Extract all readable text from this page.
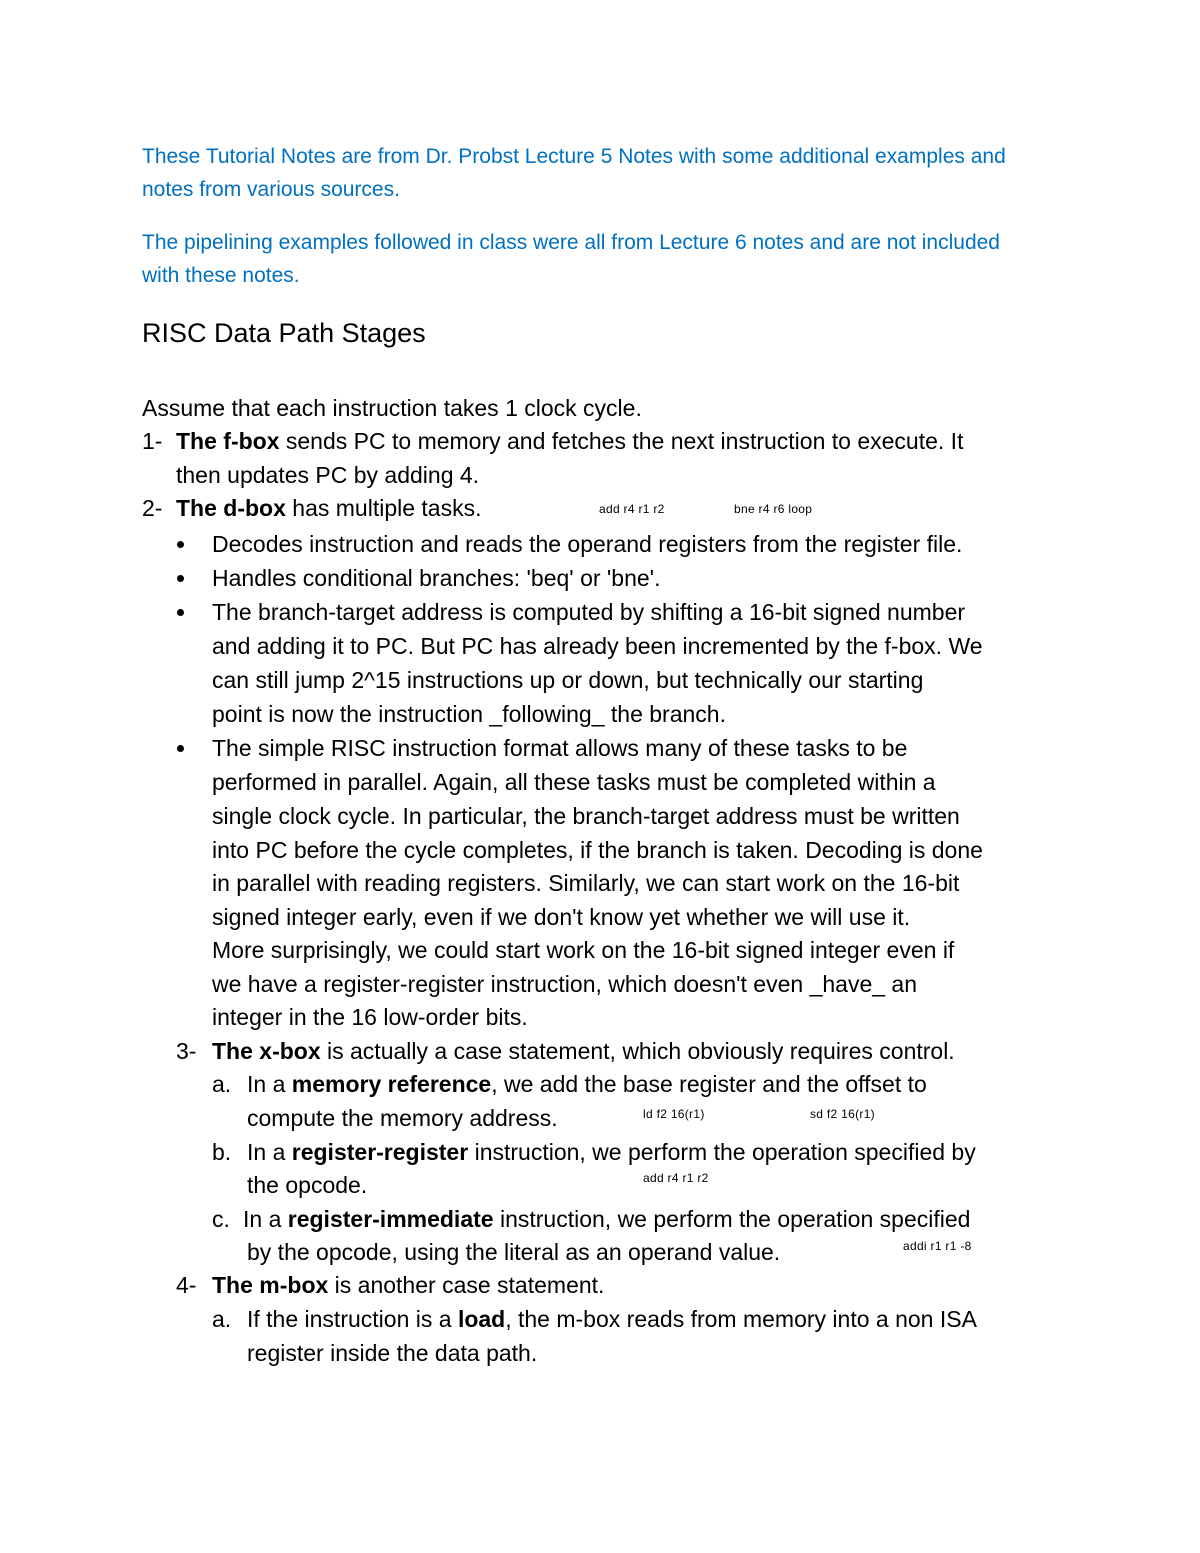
These Tutorial Notes are from Dr. Probst Lecture 5 Notes with some additional examples and
notes from various sources.
The pipelining examples followed in class were all from Lecture 6 notes and are not included
with these notes.
RISC Data Path Stages
Assume that each instruction takes 1 clock cycle.
1- The f-box sends PC to memory and fetches the next instruction to execute. It
then updates PC by adding 4.
2- The d-box has multiple tasks.	add r4 r1 r2	bne r4 r6 loop
Decodes instruction and reads the operand registers from the register file.
Handles conditional branches: 'beq' or 'bne'.
The branch-target address is computed by shifting a 16-bit signed number
and adding it to PC. But PC has already been incremented by the f-box. We
can still jump 2^15 instructions up or down, but technically our starting
point is now the instruction _following_ the branch.
The simple RISC instruction format allows many of these tasks to be
performed in parallel. Again, all these tasks must be completed within a
single clock cycle. In particular, the branch-target address must be written
into PC before the cycle completes, if the branch is taken. Decoding is done
in parallel with reading registers. Similarly, we can start work on the 16-bit
signed integer early, even if we don't know yet whether we will use it.
More surprisingly, we could start work on the 16-bit signed integer even if
we have a register-register instruction, which doesn't even _have_ an
integer in the 16 low-order bits.
3- The x-box is actually a case statement, which obviously requires control.
a. In a memory reference, we add the base register and the offset to
compute the memory address.	ld f2 16(r1)	sd f2 16(r1)
b. In a register-register instruction, we perform the operation specified by
the opcode.	add r4 r1 r2
c. In a register-immediate instruction, we perform the operation specified
by the opcode, using the literal as an operand value.	addi r1 r1 -8
4- The m-box is another case statement.
a. If the instruction is a load, the m-box reads from memory into a non ISA
register inside the data path.
